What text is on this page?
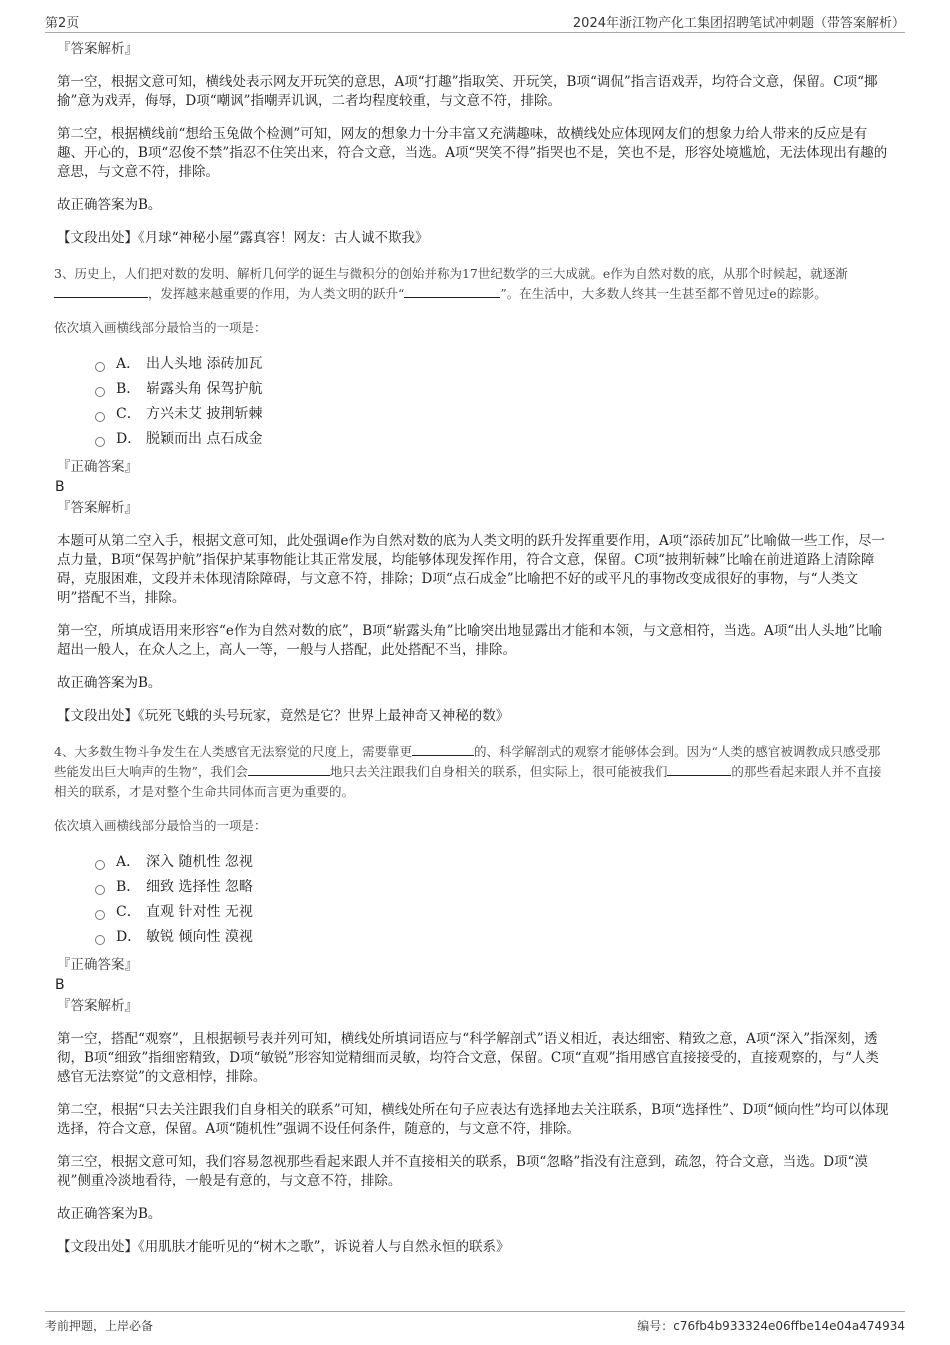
第2页	2024年浙江物产化工集团招聘笔试冲刺题（带答案解析）
『答案解析』

第一空，根据文意可知，横线处表示网友开玩笑的意思，A项“打趣”指取笑、开玩笑，B项“调侃”指言语戏弄，均符合文意，保留。C项“揶揄”意为戏弄，侮辱，D项“嘲讽”指嘲弄讥讽，二者均程度较重，与文意不符，排除。

第二空，根据横线前“想给玉兔做个检测”可知，网友的想象力十分丰富又充满趣味，故横线处应体现网友们的想象力给人带来的反应是有趣、开心的，B项“忍俊不禁”指忍不住笑出来，符合文意，当选。A项“哭笑不得”指哭也不是，笑也不是，形容处境尴尬，无法体现出有趣的意思，与文意不符，排除。

故正确答案为B。

【文段出处】《月球“神秘小屋”露真容！网友：古人诚不欺我》

3、历史上，人们把对数的发明、解析几何学的诞生与微积分的创始并称为17世纪数学的三大成就。e作为自然对数的底，从那个时候起，就逐渐，发挥越来越重要的作用，为人类文明的跃升“	”。在生活中，大多数人终其一生甚至都不曾见过e的踪影。
依次填入画横线部分最恰当的一项是：
A． 出人头地 添砖加瓦
B． 崭露头角 保驾护航
C． 方兴未艾 披荆斩棘
D． 脱颖而出 点石成金
『正确答案』
B
『答案解析』

本题可从第二空入手，根据文意可知，此处强调e作为自然对数的底为人类文明的跃升发挥重要作用，A项“添砖加瓦”比喻做一些工作，尽一点力量，B项“保驾护航”指保护某事物能让其正常发展，均能够体现发挥作用，符合文意，保留。C项“披荆斩棘”比喻在前进道路上清除障碍，克服困难，文段并未体现清除障碍，与文意不符，排除；D项“点石成金”比喻把不好的或平凡的事物改变成很好的事物，与“人类文明”搭配不当，排除。

第一空，所填成语用来形容“e作为自然对数的底”，B项“崭露头角”比喻突出地显露出才能和本领，与文意相符，当选。A项“出人头地”比喻超出一般人，在众人之上，高人一等，一般与人搭配，此处搭配不当，排除。

故正确答案为B。

【文段出处】《玩死飞蛾的头号玩家，竟然是它？世界上最神奇又神秘的数》

4、大多数生物斗争发生在人类感官无法察觉的尺度上，需要靠更	的、科学解剖式的观察才能够体会到。因为“人类的感官被调教成只感受那些能发出巨大响声的生物”，我们会	地只去关注跟我们自身相关的联系，但实际上，很可能被我们	的那些看起来跟人并不直接相关的联系，才是对整个生命共同体而言更为重要的。
依次填入画横线部分最恰当的一项是：
A． 深入 随机性 忽视
B． 细致 选择性 忽略
C． 直观 针对性 无视
D． 敏锐 倾向性 漠视
『正确答案』
B
『答案解析』

第一空，搭配“观察”，且根据顿号表并列可知，横线处所填词语应与“科学解剖式”语义相近，表达细密、精致之意，A项“深入”指深刻，透彻，B项“细致”指细密精致，D项“敏锐”形容知觉精细而灵敏，均符合文意，保留。C项“直观”指用感官直接接受的，直接观察的，与“人类感官无法察觉”的文意相悖，排除。

第二空，根据“只去关注跟我们自身相关的联系”可知，横线处所在句子应表达有选择地去关注联系，B项“选择性”、D项“倾向性”均可以体现选择，符合文意，保留。A项“随机性”强调不设任何条件，随意的，与文意不符，排除。

第三空，根据文意可知，我们容易忽视那些看起来跟人并不直接相关的联系，B项“忽略”指没有注意到，疏忽，符合文意，当选。D项“漠视”侧重冷淡地看待，一般是有意的，与文意不符，排除。

故正确答案为B。

【文段出处】《用肌肤才能听见的“树木之歌”，诉说着人与自然永恒的联系》

考前押题，上岸必备	编号：c76fb4b933324e06ffbe14e04a474934
